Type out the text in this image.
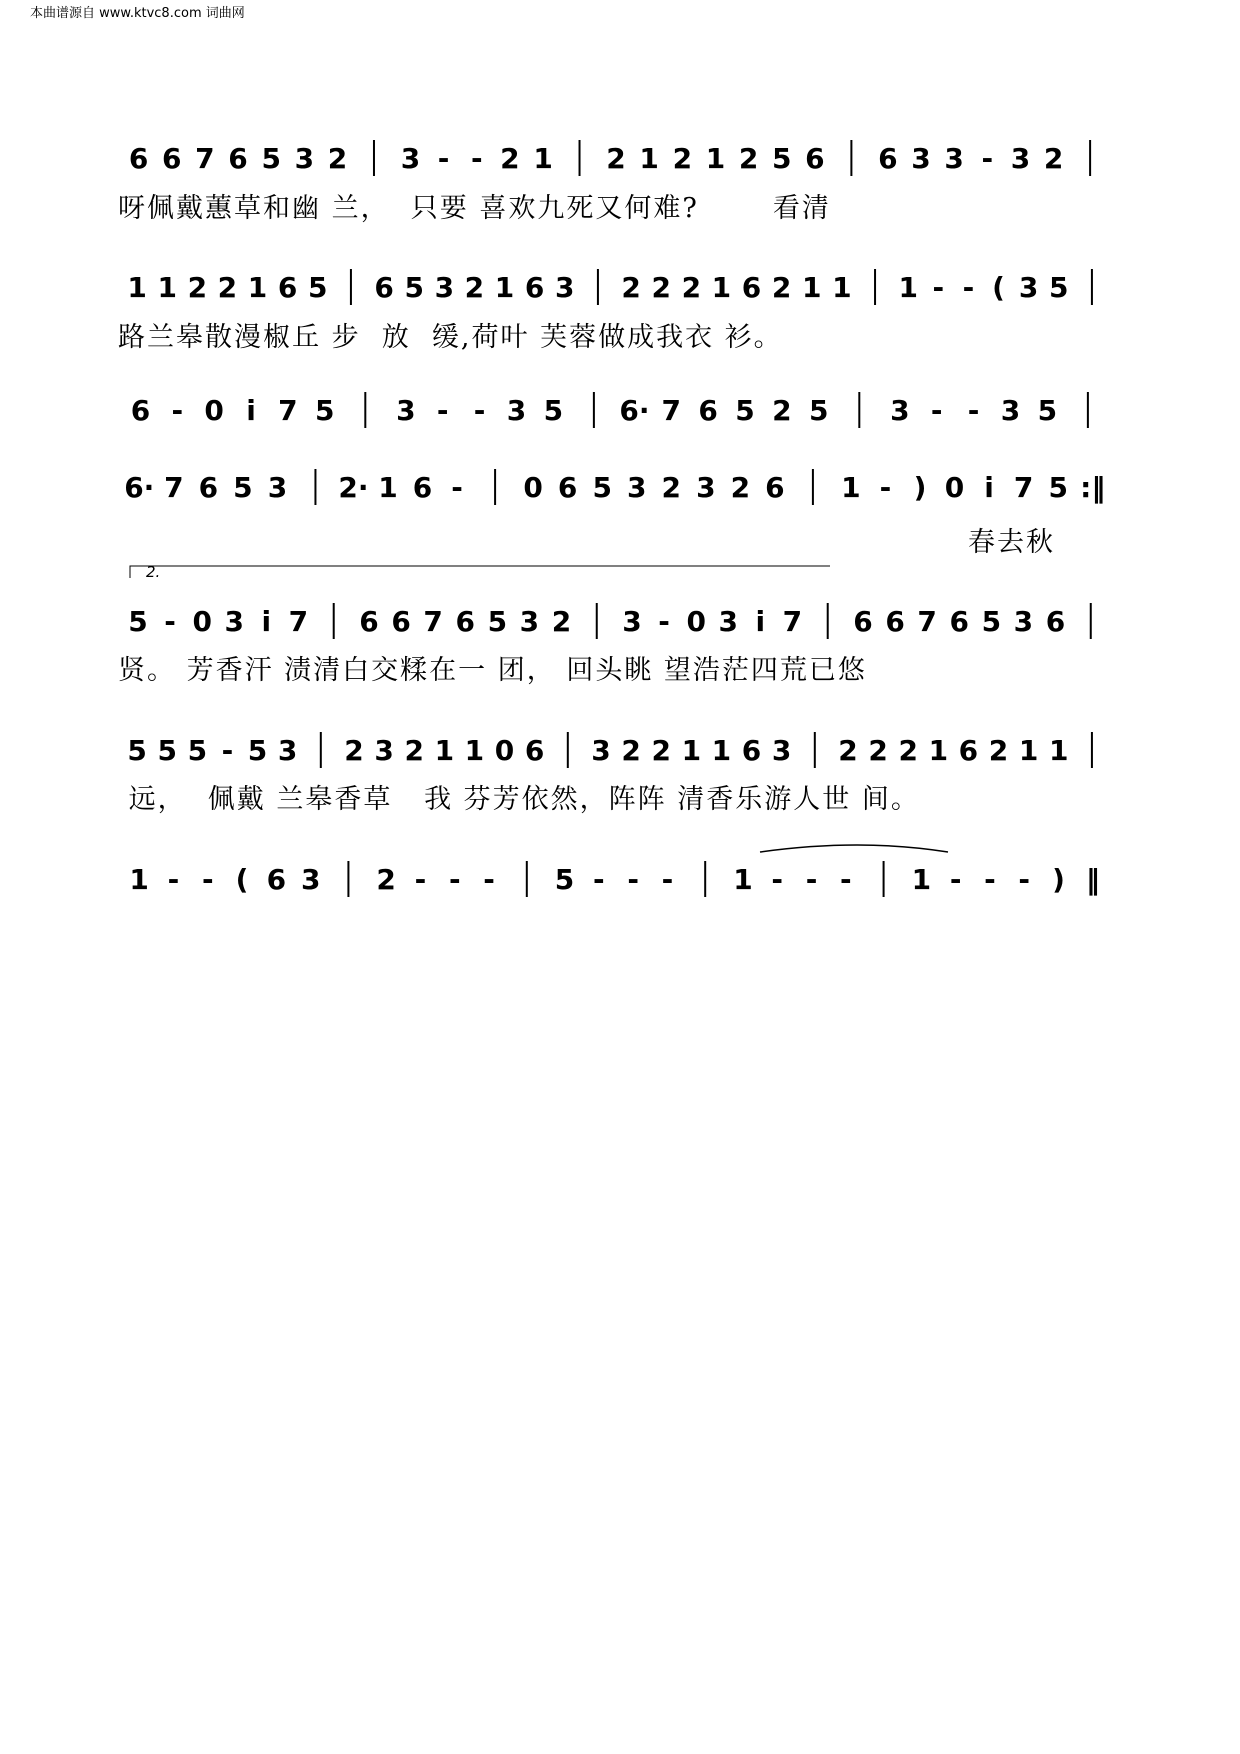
本曲谱源自 www.ktvc8.com 词曲网
6 6 7 6 5 3 2 3 - - 2 1 2 1 2 1 2 5 6 6 3 3 - 3 2
1 1 2 2 1 6 5 6 5 3 2 1 6 3 2 2 2 1 6 2 1 1 1 - - ( 3 5
6 - 0 i 7 5 3 - - 3 5 6· 7 6 5 2 5 3 - - 3 5
6· 7 6 5 3 2· 1 6 - 0 6 5 3 2 3 2 6 1 - ) 0 i 7 5 :‖
5 - 0 3 i 7 6 6 7 6 5 3 2 3 - 0 3 i 7 6 6 7 6 5 3 6
5 5 5 - 5 3 2 3 2 1 1 0 6 3 2 2 1 1 6 3 2 2 2 1 6 2 1 1
1 - - ( 6 3 2 - - - 5 - - - 1 - - - 1 - - - ) ‖
2.
呀佩戴蕙草和幽 兰，  只要 喜欢九死又何难?       看清
路兰皋散漫椒丘 步  放  缓,荷叶 芙蓉做成我衣 衫。
春去秋
贤。 芳香汗 渍清白交糅在一 团， 回头眺 望浩茫四荒已悠
远，  佩戴 兰皋香草   我 芬芳依然，阵阵 清香乐游人世 间。
